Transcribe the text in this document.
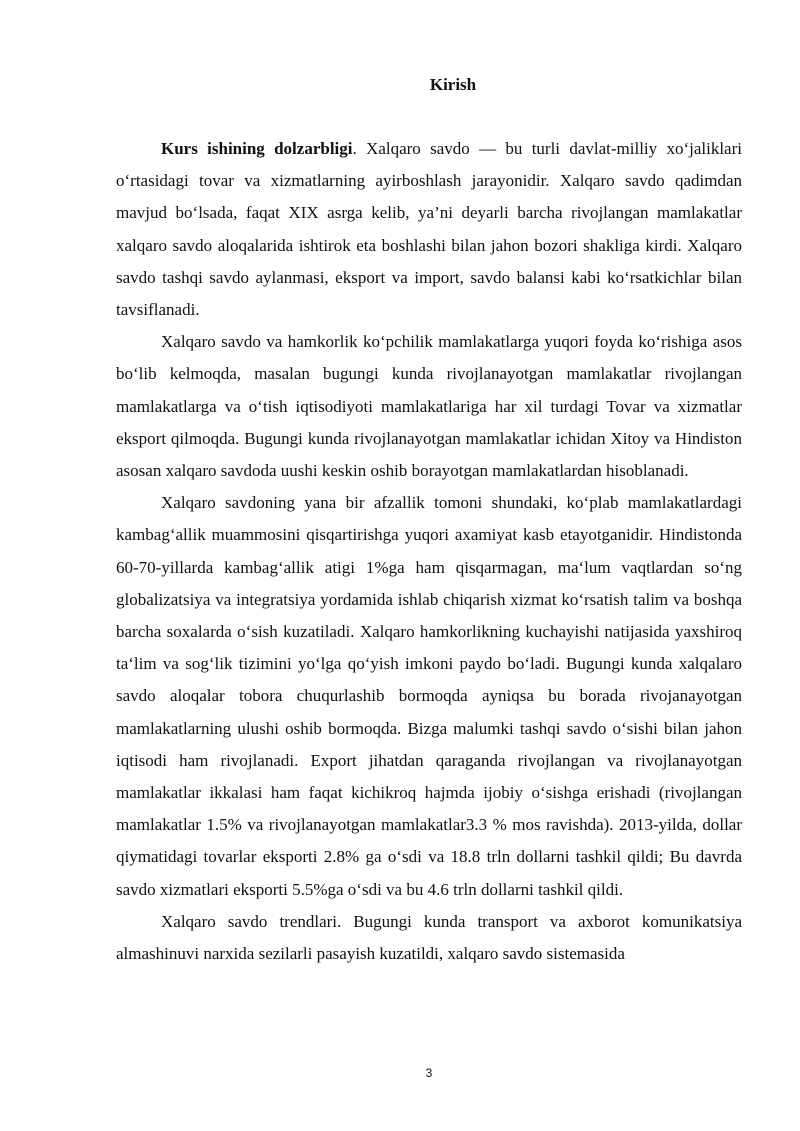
Kirish

Kurs ishining dolzarbligi. Xalqaro savdo — bu turli davlat-milliy xo‘jaliklari o‘rtasidagi tovar va xizmatlarning ayirboshlash jarayonidir. Xalqaro savdo qadimdan mavjud bo‘lsada, faqat XIX asrga kelib, ya’ni deyarli barcha rivojlangan mamlakatlar xalqaro savdo aloqalarida ishtirok eta boshlashi bilan jahon bozori shakliga kirdi. Xalqaro savdo tashqi savdo aylanmasi, eksport va import, savdo balansi kabi ko‘rsatkichlar bilan tavsiflanadi.

Xalqaro savdo va hamkorlik ko‘pchilik mamlakatlarga yuqori foyda ko‘rishiga asos bo‘lib kelmoqda, masalan bugungi kunda rivojlanayotgan mamlakatlar rivojlangan mamlakatlarga va o‘tish iqtisodiyoti mamlakatlariga har xil turdagi Tovar va xizmatlar eksport qilmoqda. Bugungi kunda rivojlanayotgan mamlakatlar ichidan Xitoy va Hindiston asosan xalqaro savdoda uushi keskin oshib borayotgan mamlakatlardan hisoblanadi.

Xalqaro savdoning yana bir afzallik tomoni shundaki, ko‘plab mamlakatlardagi kambag‘allik muammosini qisqartirishga yuqori axamiyat kasb etayotganidir. Hindistonda 60-70-yillarda kambag‘allik atigi 1%ga ham qisqarmagan, ma‘lum vaqtlardan so‘ng globalizatsiya va integratsiya yordamida ishlab chiqarish xizmat ko‘rsatish talim va boshqa barcha soxalarda o‘sish kuzatiladi. Xalqaro hamkorlikning kuchayishi natijasida yaxshiroq ta‘lim va sog‘lik tizimini yo‘lga qo‘yish imkoni paydo bo‘ladi. Bugungi kunda xalqalaro savdo aloqalar tobora chuqurlashib bormoqda ayniqsa bu borada rivojanayotgan mamlakatlarning ulushi oshib bormoqda. Bizga malumki tashqi savdo o‘sishi bilan jahon iqtisodi ham rivojlanadi. Export jihatdan qaraganda rivojlangan va rivojlanayotgan mamlakatlar ikkalasi ham faqat kichikroq hajmda ijobiy o‘sishga erishadi (rivojlangan mamlakatlar 1.5% va rivojlanayotgan mamlakatlar3.3 % mos ravishda). 2013-yilda, dollar qiymatidagi tovarlar eksporti 2.8% ga o‘sdi va 18.8 trln dollarni tashkil qildi; Bu davrda savdo xizmatlari eksporti 5.5%ga o‘sdi va bu 4.6 trln dollarni tashkil qildi.

Xalqaro savdo trendlari. Bugungi kunda transport va axborot komunikatsiya almashinuvi narxida sezilarli pasayish kuzatildi, xalqaro savdo sistemasida

3
